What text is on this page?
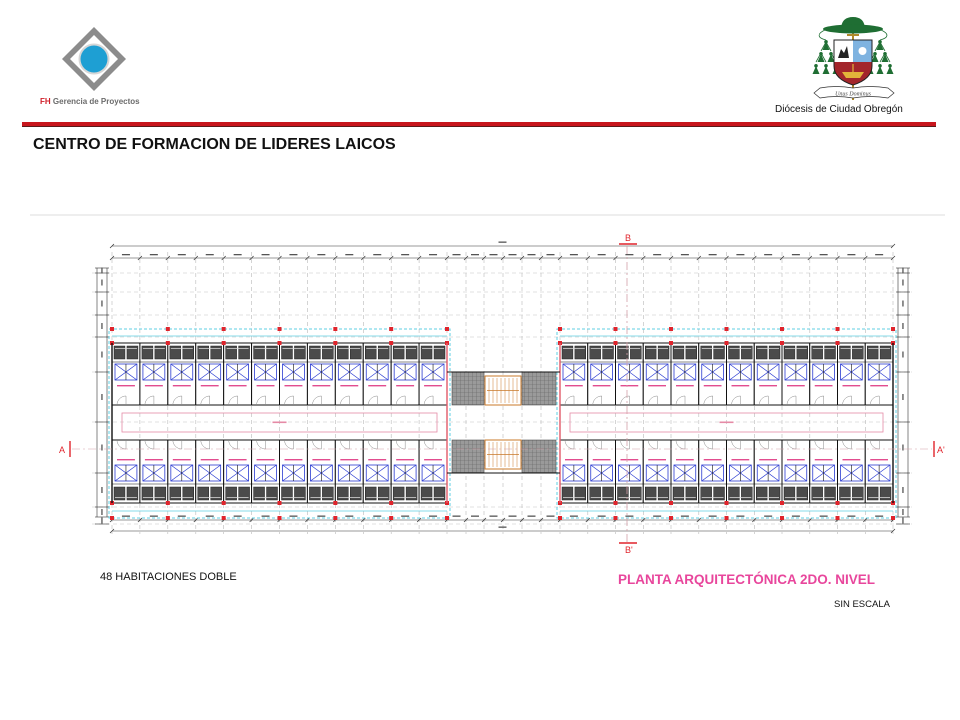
FH Gerencia de Proyectos
Unus Dominus
Diócesis de Ciudad Obregón
CENTRO DE FORMACION DE LIDERES LAICOS
A	A'
B
B'
48 HABITACIONES DOBLE	PLANTA ARQUITECTÓNICA 2DO. NIVEL
SIN ESCALA
